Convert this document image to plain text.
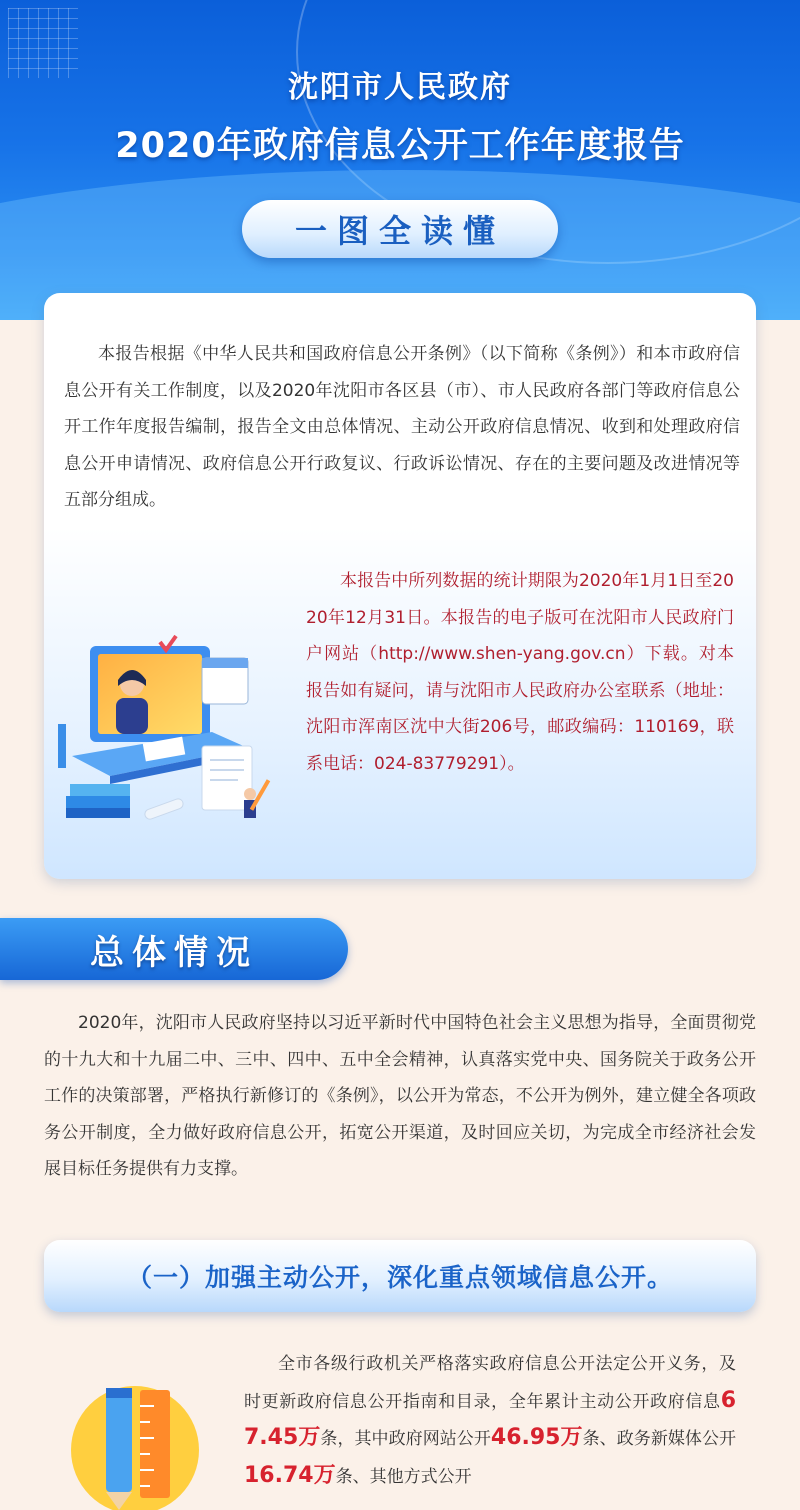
沈阳市人民政府
2020年政府信息公开工作年度报告
一图全读懂
本报告根据《中华人民共和国政府信息公开条例》（以下简称《条例》）和本市政府信息公开有关工作制度，以及2020年沈阳市各区县（市）、市人民政府各部门等政府信息公开工作年度报告编制，报告全文由总体情况、主动公开政府信息情况、收到和处理政府信息公开申请情况、政府信息公开行政复议、行政诉讼情况、存在的主要问题及改进情况等五部分组成。
本报告中所列数据的统计期限为2020年1月1日至2020年12月31日。本报告的电子版可在沈阳市人民政府门户网站（http://www.shen-yang.gov.cn）下载。对本报告如有疑问，请与沈阳市人民政府办公室联系（地址：沈阳市浑南区沈中大街206号，邮政编码：110169，联系电话：024-83779291）。
总体情况
2020年，沈阳市人民政府坚持以习近平新时代中国特色社会主义思想为指导，全面贯彻党的十九大和十九届二中、三中、四中、五中全会精神，认真落实党中央、国务院关于政务公开工作的决策部署，严格执行新修订的《条例》，以公开为常态，不公开为例外，建立健全各项政务公开制度，全力做好政府信息公开，拓宽公开渠道，及时回应关切，为完成全市经济社会发展目标任务提供有力支撑。
（一）加强主动公开，深化重点领域信息公开。
全市各级行政机关严格落实政府信息公开法定公开义务，及时更新政府信息公开指南和目录，全年累计主动公开政府信息67.45万条，其中政府网站公开46.95万条、政务新媒体公开16.74万条、其他方式公开
